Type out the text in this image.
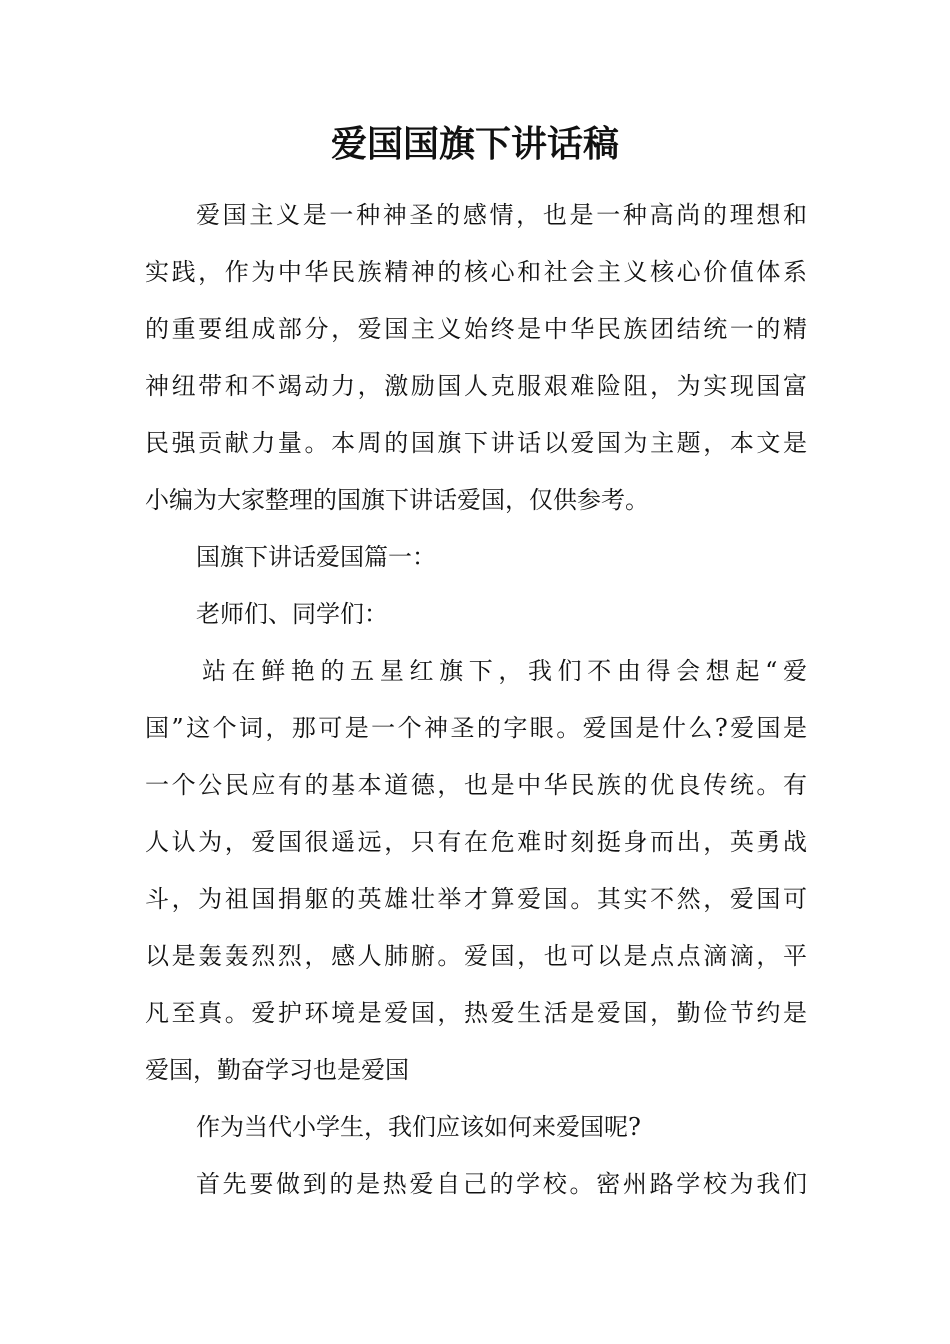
爱国国旗下讲话稿

爱国主义是一种神圣的感情，也是一种高尚的理想和

实践，作为中华民族精神的核心和社会主义核心价值体系

的重要组成部分，爱国主义始终是中华民族团结统一的精

神纽带和不竭动力，激励国人克服艰难险阻，为实现国富

民强贡献力量。本周的国旗下讲话以爱国为主题，本文是

小编为大家整理的国旗下讲话爱国，仅供参考。

国旗下讲话爱国篇一：

老师们、同学们：

站在鲜艳的五星红旗下，我们不由得会想起“爱

国”这个词，那可是一个神圣的字眼。爱国是什么?爱国是

一个公民应有的基本道德，也是中华民族的优良传统。有

人认为，爱国很遥远，只有在危难时刻挺身而出，英勇战

斗，为祖国捐躯的英雄壮举才算爱国。其实不然，爱国可

以是轰轰烈烈，感人肺腑。爱国，也可以是点点滴滴，平

凡至真。爱护环境是爱国，热爱生活是爱国，勤俭节约是

爱国，勤奋学习也是爱国

作为当代小学生，我们应该如何来爱国呢?

首先要做到的是热爱自己的学校。密州路学校为我们
